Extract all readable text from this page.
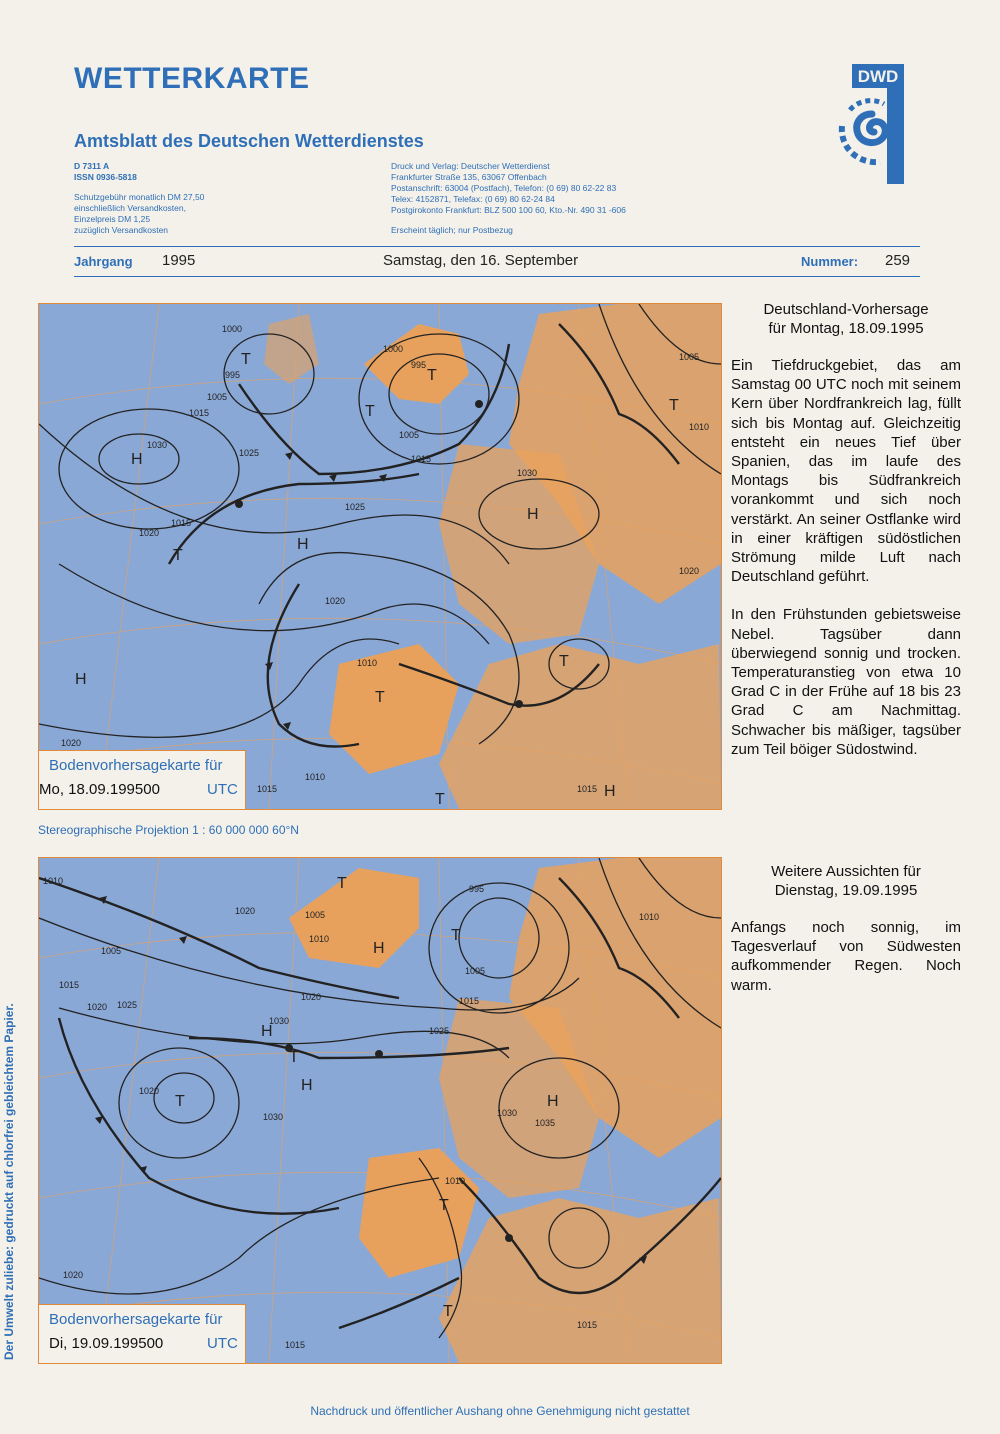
WETTERKARTE
Amtsblatt des Deutschen Wetterdienstes
D 7311 A
ISSN 0936-5818
Schutzgebühr monatlich DM 27,50
einschließlich Versandkosten,
Einzelpreis DM 1,25
zuzüglich Versandkosten
Druck und Verlag: Deutscher Wetterdienst
Frankfurter Straße 135, 63067 Offenbach
Postanschrift: 63004 (Postfach), Telefon: (0 69) 80 62-22 83
Telex: 4152871, Telefax: (0 69) 80 62-24 84
Postgirokonto Frankfurt: BLZ 500 100 60, Kto.-Nr. 490 31 -606
Erscheint täglich; nur Postbezug
DWD
Jahrgang 1995	Samstag, den 16. September	Nummer: 259
H
H
H
H
H
T
T
T
T
T
T
T
T
1000
995
1005
1015
1030
1025
1000
995
1005
1015
1025
1030
1015
1020
1020
1010
1020
1015
1010
1015
1005
1010
1020
Bodenvorhersagekarte für
Mo, 18.09.199500	UTC
Stereographische Projektion 1 : 60 000 000 60°N
H
H
H
H
T
T
T
T
T
T
1010
1005
1015
1020 1025
1020	1005
1010
1020
1030
995
1005
1015
1025
1030
1020
1030
1035
1010
1020
1015
1015
1010
Bodenvorhersagekarte für
Di, 19.09.199500	UTC
Deutschland-Vorhersage
für Montag, 18.09.1995

Ein Tiefdruckgebiet, das am Samstag 00 UTC noch mit seinem Kern über Nordfrankreich lag, füllt sich bis Montag auf. Gleichzeitig entsteht ein neues Tief über Spanien, das im laufe des Montags bis Südfrankreich vorankommt und sich noch verstärkt. An seiner Ostflanke wird in einer kräftigen südöstlichen Strömung milde Luft nach Deutschland geführt.

In den Frühstunden gebietsweise Nebel. Tagsüber dann überwiegend sonnig und trocken. Temperaturanstieg von etwa 10 Grad C in der Frühe auf 18 bis 23 Grad C am Nachmittag. Schwacher bis mäßiger, tagsüber zum Teil böiger Südostwind.

Weitere Aussichten für
Dienstag, 19.09.1995

Anfangs noch sonnig, im Tagesverlauf von Südwesten aufkommender Regen. Noch warm.

Der Umwelt zuliebe: gedruckt auf chlorfrei gebleichtem Papier.
Nachdruck und öffentlicher Aushang ohne Genehmigung nicht gestattet
